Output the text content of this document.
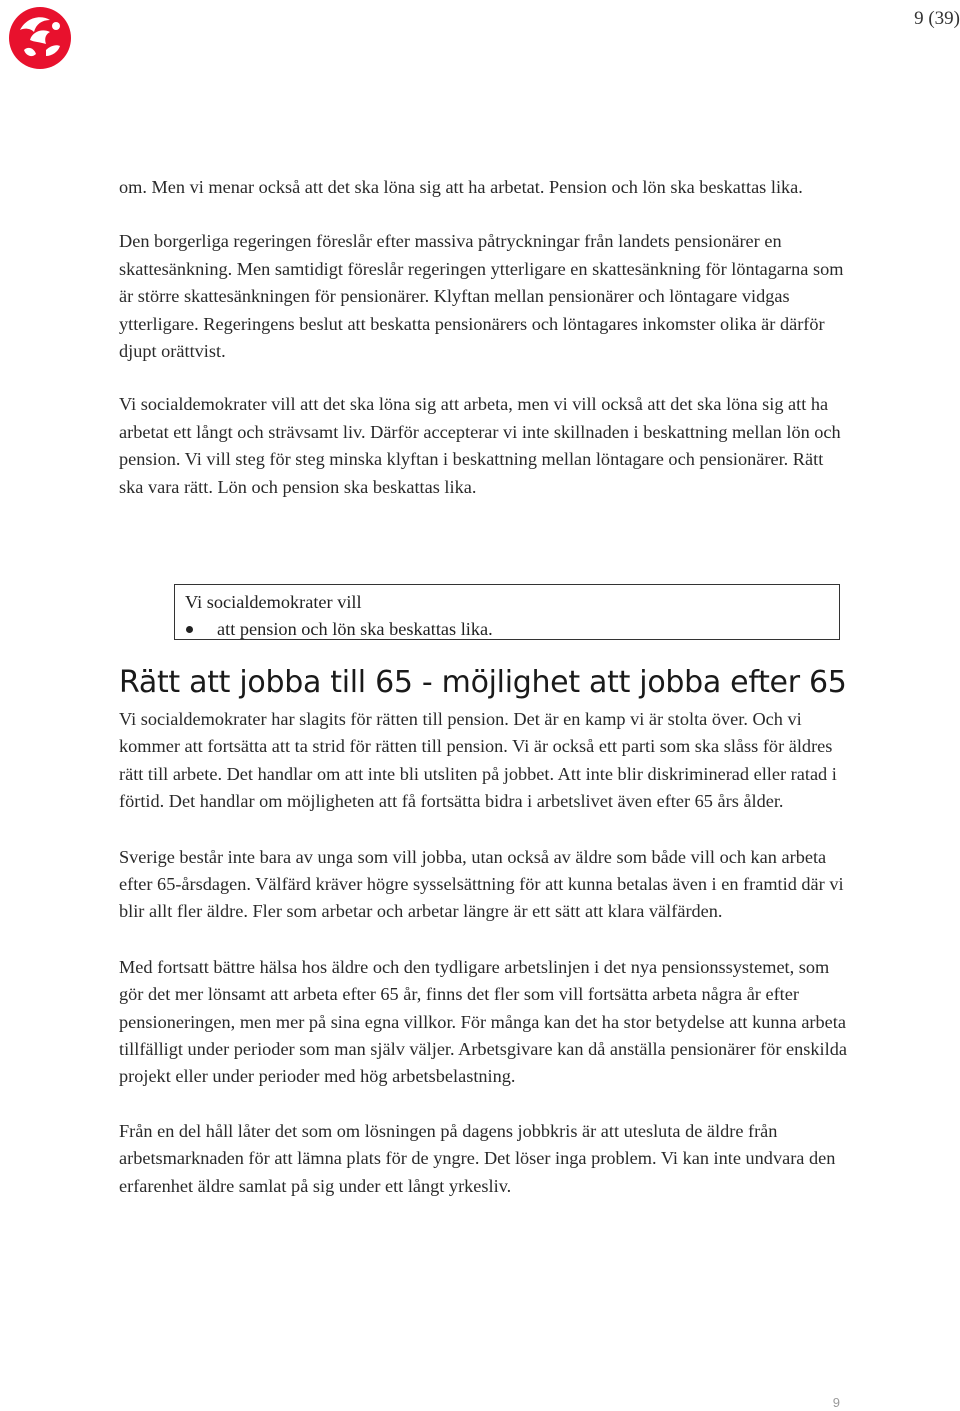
9 (39)

om. Men vi menar också att det ska löna sig att ha arbetat. Pension och lön ska beskattas lika.

Den borgerliga regeringen föreslår efter massiva påtryckningar från landets pensionärer en skattesänkning. Men samtidigt föreslår regeringen ytterligare en skattesänkning för löntagarna som är större skattesänkningen för pensionärer. Klyftan mellan pensionärer och löntagare vidgas ytterligare. Regeringens beslut att beskatta pensionärers och löntagares inkomster olika är därför djupt orättvist.

Vi socialdemokrater vill att det ska löna sig att arbeta, men vi vill också att det ska löna sig att ha arbetat ett långt och strävsamt liv. Därför accepterar vi inte skillnaden i beskattning mellan lön och pension. Vi vill steg för steg minska klyftan i beskattning mellan löntagare och pensionärer. Rätt ska vara rätt. Lön och pension ska beskattas lika.

Vi socialdemokrater vill
att pension och lön ska beskattas lika.
Rätt att jobba till 65 - möjlighet att jobba efter 65

Vi socialdemokrater har slagits för rätten till pension. Det är en kamp vi är stolta över. Och vi kommer att fortsätta att ta strid för rätten till pension. Vi är också ett parti som ska slåss för äldres rätt till arbete. Det handlar om att inte bli utsliten på jobbet. Att inte blir diskriminerad eller ratad i förtid. Det handlar om möjligheten att få fortsätta bidra i arbetslivet även efter 65 års ålder.

Sverige består inte bara av unga som vill jobba, utan också av äldre som både vill och kan arbeta efter 65-årsdagen. Välfärd kräver högre sysselsättning för att kunna betalas även i en framtid där vi blir allt fler äldre. Fler som arbetar och arbetar längre är ett sätt att klara välfärden.

Med fortsatt bättre hälsa hos äldre och den tydligare arbetslinjen i det nya pensionssystemet, som gör det mer lönsamt att arbeta efter 65 år, finns det fler som vill fortsätta arbeta några år efter pensioneringen, men mer på sina egna villkor. För många kan det ha stor betydelse att kunna arbeta tillfälligt under perioder som man själv väljer. Arbetsgivare kan då anställa pensionärer för enskilda projekt eller under perioder med hög arbetsbelastning.

Från en del håll låter det som om lösningen på dagens jobbkris är att utesluta de äldre från arbetsmarknaden för att lämna plats för de yngre. Det löser inga problem. Vi kan inte undvara den erfarenhet äldre samlat på sig under ett långt yrkesliv.

9
